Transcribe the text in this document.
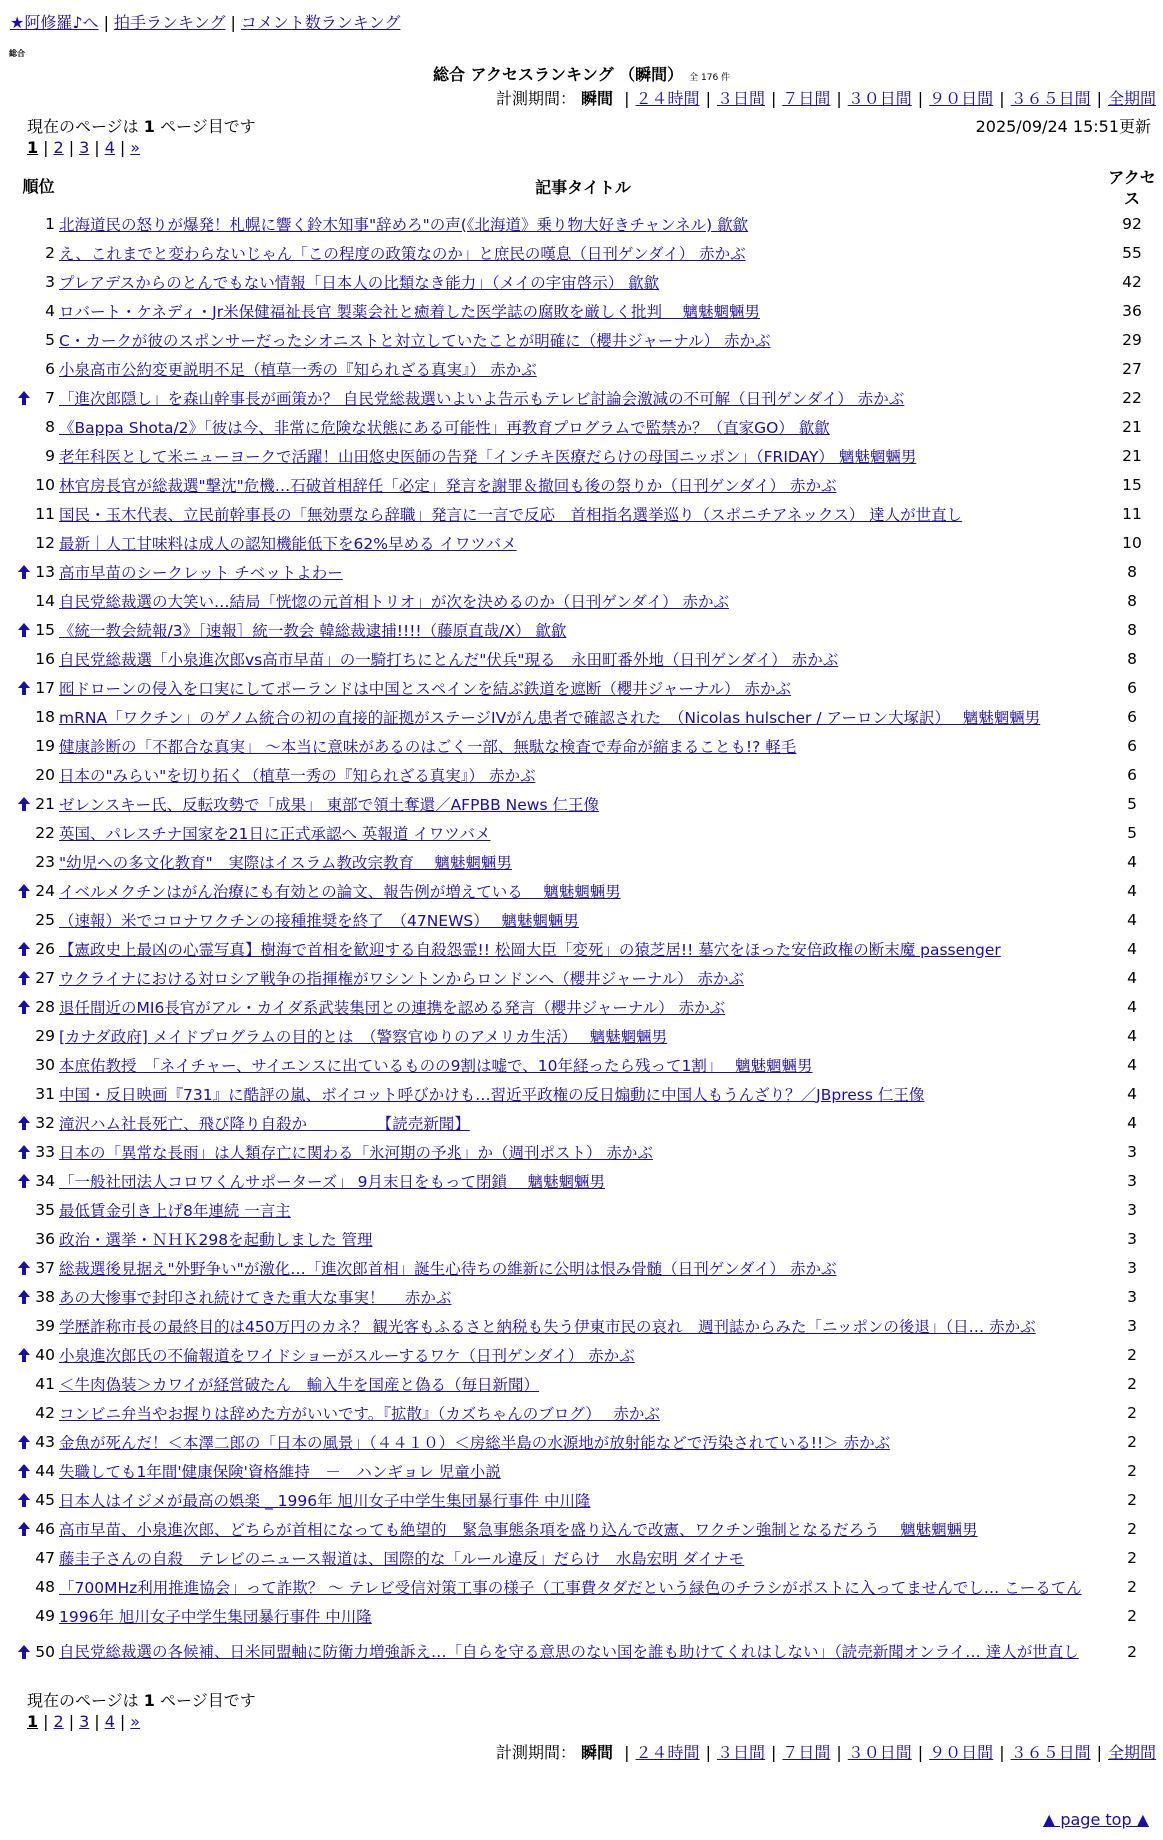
★阿修羅♪へ | 拍手ランキング | コメント数ランキング
総合
総合 アクセスランキング （瞬間） 全 176 件
計測期間： 瞬間 | ２４時間 | ３日間 | ７日間 | ３０日間 | ９０日間 | ３６５日間 | 全期間
現在のページは 1 ページ目です	2025/09/24 15:51更新
1 | 2 | 3 | 4 | »
順位		記事タイトル	アクセス
	1	北海道民の怒りが爆発！札幌に響く鈴木知事"辞めろ"の声(《北海道》乗り物大好きチャンネル) 歙歙	92
	2	え、これまでと変わらないじゃん「この程度の政策なのか」と庶民の嘆息（日刊ゲンダイ） 赤かぶ	55
	3	プレアデスからのとんでもない情報「日本人の比類なき能力」（メイの宇宙啓示） 歙歙	42
	4	ロバート・ケネディ・Jr米保健福祉長官 製薬会社と癒着した医学誌の腐敗を厳しく批判　 魑魅魍魎男	36
	5	C・カークが彼のスポンサーだったシオニストと対立していたことが明確に（櫻井ジャーナル） 赤かぶ	29
	6	小泉高市公約変更説明不足（植草一秀の『知られざる真実』） 赤かぶ	27
	7	「進次郎隠し」を森山幹事長が画策か？ 自民党総裁選いよいよ告示もテレビ討論会激減の不可解（日刊ゲンダイ） 赤かぶ	22
	8	《Bappa Shota/2》「彼は今、非常に危険な状態にある可能性」再教育プログラムで監禁か？（直家GO） 歙歙	21
	9	老年科医として米ニューヨークで活躍！山田悠史医師の告発「インチキ医療だらけの母国ニッポン」（FRIDAY） 魑魅魍魎男	21
	10	林官房長官が総裁選"撃沈"危機…石破首相辞任「必定」発言を謝罪＆撤回も後の祭りか（日刊ゲンダイ） 赤かぶ	15
	11	国民・玉木代表、立民前幹事長の「無効票なら辞職」発言に一言で反応　首相指名選挙巡り（スポニチアネックス） 達人が世直し	11
	12	最新｜人工甘味料は成人の認知機能低下を62%早める イワツバメ	10
	13	高市早苗のシークレット チベットよわー	8
	14	自民党総裁選の大笑い…結局「恍惚の元首相トリオ」が次を決めるのか（日刊ゲンダイ） 赤かぶ	8
	15	《統一教会続報/3》［速報］統一教会 韓総裁逮捕!!!!（藤原直哉/X） 歙歙	8
	16	自民党総裁選「小泉進次郎vs高市早苗」の一騎打ちにとんだ"伏兵"現る　永田町番外地（日刊ゲンダイ） 赤かぶ	8
	17	囮ドローンの侵入を口実にしてポーランドは中国とスペインを結ぶ鉄道を遮断（櫻井ジャーナル） 赤かぶ	6
	18	mRNA「ワクチン」のゲノム統合の初の直接的証拠がステージIVがん患者で確認された　（Nicolas hulscher / アーロン大塚訳）　 魑魅魍魎男	6
	19	健康診断の「不都合な真実」 ～本当に意味があるのはごく一部、無駄な検査で寿命が縮まることも!? 軽毛	6
	20	日本の"みらい"を切り拓く（植草一秀の『知られざる真実』） 赤かぶ	6
	21	ゼレンスキー氏、反転攻勢で「成果」 東部で領土奪還／AFPBB News 仁王像	5
	22	英国、パレスチナ国家を21日に正式承認へ 英報道 イワツバメ	5
	23	"幼児への多文化教育"　実際はイスラム教改宗教育　 魑魅魍魎男	4
	24	イベルメクチンはがん治療にも有効との論文、報告例が増えている　 魑魅魍魎男	4
	25	（速報）米でコロナワクチンの接種推奨を終了　（47NEWS）　 魑魅魍魎男	4
	26	【憲政史上最凶の心霊写真】樹海で首相を歓迎する自殺怨霊!! 松岡大臣「変死」の猿芝居!! 墓穴をほった安倍政権の断末魔 passenger	4
	27	ウクライナにおける対ロシア戦争の指揮権がワシントンからロンドンへ（櫻井ジャーナル） 赤かぶ	4
	28	退任間近のMI6長官がアル・カイダ系武装集団との連携を認める発言（櫻井ジャーナル） 赤かぶ	4
	29	[カナダ政府] メイドプログラムの目的とは　（警察官ゆりのアメリカ生活）　 魑魅魍魎男	4
	30	本庶佑教授　「ネイチャー、サイエンスに出ているものの9割は嘘で、10年経ったら残って1割」　 魑魅魍魎男	4
	31	中国・反日映画『731』に酷評の嵐、ボイコット呼びかけも…習近平政権の反日煽動に中国人もうんざり？／JBpress 仁王像	4
	32	滝沢ハム社長死亡、飛び降り自殺か　　　　　【読売新聞】	4
	33	日本の「異常な長雨」は人類存亡に関わる「氷河期の予兆」か（週刊ポスト） 赤かぶ	3
	34	「一般社団法人コロワくんサポーターズ」 9月末日をもって閉鎖　 魑魅魍魎男	3
	35	最低賃金引き上げ8年連続 一言主	3
	36	政治・選挙・ＮＨＫ298を起動しました 管理	3
	37	総裁選後見据え"外野争い"が激化…「進次郎首相」誕生心待ちの維新に公明は恨み骨髄（日刊ゲンダイ） 赤かぶ	3
	38	あの大惨事で封印され続けてきた重大な事実！　 赤かぶ	3
	39	学歴詐称市長の最終目的は450万円のカネ？ 観光客もふるさと納税も失う伊東市民の哀れ　週刊誌からみた「ニッポンの後退」（日… 赤かぶ	3
	40	小泉進次郎氏の不倫報道をワイドショーがスルーするワケ（日刊ゲンダイ） 赤かぶ	2
	41	＜牛肉偽装＞カワイが経営破たん　輸入牛を国産と偽る（毎日新聞）	2
	42	コンビニ弁当やお握りは辞めた方がいいです。『拡散』（カズちゃんのブログ）　 赤かぶ	2
	43	金魚が死んだ！＜本澤二郎の「日本の風景」（４４１０）＜房総半島の水源地が放射能などで汚染されている!!＞ 赤かぶ	2
	44	失職しても1年間'健康保険'資格維持　－　ハンギョレ 児童小説	2
	45	日本人はイジメが最高の娯楽 _ 1996年 旭川女子中学生集団暴行事件 中川隆	2
	46	高市早苗、小泉進次郎、どちらが首相になっても絶望的　緊急事態条項を盛り込んで改憲、ワクチン強制となるだろう　 魑魅魍魎男	2
	47	藤圭子さんの自殺　テレビのニュース報道は、国際的な「ルール違反」だらけ　水島宏明 ダイナモ	2
	48	「700MHz利用推進協会」って詐欺？ ～ テレビ受信対策工事の様子（工事費タダだという緑色のチラシがポストに入ってませんでし… こーるてん	2
	49	1996年 旭川女子中学生集団暴行事件 中川隆	2
	50	自民党総裁選の各候補、日米同盟軸に防衛力増強訴え…「自らを守る意思のない国を誰も助けてくれはしない」（読売新聞オンライ… 達人が世直し	2
現在のページは 1 ページ目です
1 | 2 | 3 | 4 | »
計測期間： 瞬間 | ２４時間 | ３日間 | ７日間 | ３０日間 | ９０日間 | ３６５日間 | 全期間
▲ page top ▲
